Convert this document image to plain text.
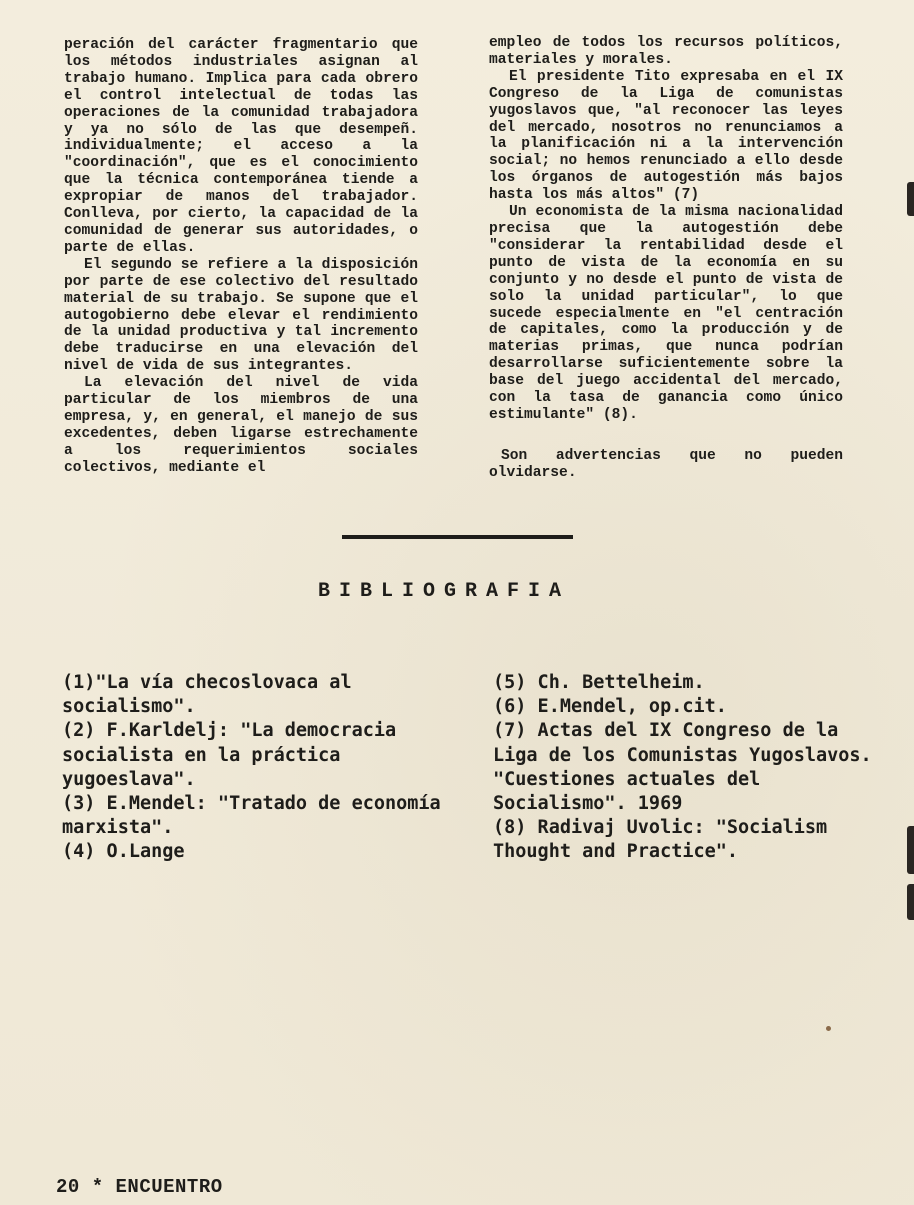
peración del carácter fragmentario que los métodos industriales asignan al trabajo humano. Implica para cada obrero el control intelectual de todas las operaciones de la comunidad trabajadora y ya no sólo de las que desempeñ. individualmente; el acceso a la "coordinación", que es el conocimiento que la técnica contemporánea tiende a expropiar de manos del trabajador. Conlleva, por cierto, la capacidad de la comunidad de generar sus autoridades, o parte de ellas.

El segundo se refiere a la disposición por parte de ese colectivo del resultado material de su trabajo. Se supone que el autogobierno debe elevar el rendimiento de la unidad productiva y tal incremento debe traducirse en una elevación del nivel de vida de sus integrantes.

La elevación del nivel de vida particular de los miembros de una empresa, y, en general, el manejo de sus excedentes, deben ligarse estrechamente a los requerimientos sociales colectivos, mediante el

empleo de todos los recursos políticos, materiales y morales.

El presidente Tito expresaba en el IX Congreso de la Liga de comunistas yugoslavos que, "al reconocer las leyes del mercado, nosotros no renunciamos a la planificación ni a la intervención social; no hemos renunciado a ello desde los órganos de autogestión más bajos hasta los más altos" (7)

Un economista de la misma nacionalidad precisa que la autogestión debe "considerar la rentabilidad desde el punto de vista de la economía en su conjunto y no desde el punto de vista de solo la unidad particular", lo que sucede especialmente en "el centración de capitales, como la producción y de materias primas, que nunca podrían desarrollarse suficientemente sobre la base del juego accidental del mercado, con la tasa de ganancia como único estimulante" (8).

Son advertencias que no pueden olvidarse.

BIBLIOGRAFIA
(1)"La vía checoslovaca al socialismo".
(2) F.Karldelj: "La democracia socialista en la práctica yugoeslava".
(3) E.Mendel: "Tratado de economía marxista".
(4) O.Lange
(5) Ch. Bettelheim.
(6) E.Mendel, op.cit.
(7) Actas del IX Congreso de la Liga de los Comunistas Yugoslavos. "Cuestiones actuales del Socialismo". 1969
(8) Radivaj Uvolic: "Socialism Thought and Practice".
20 * ENCUENTRO
